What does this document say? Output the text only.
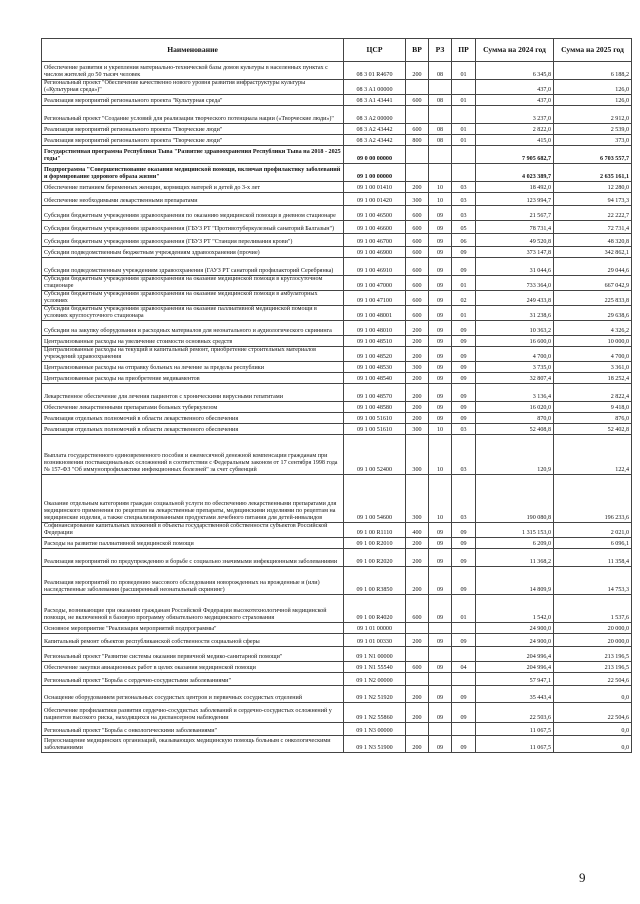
Наименование	ЦСР	ВР	РЗ	ПР	Сумма на 2024 год	Сумма на 2025 год
Обеспечение развития и укрепления материально-технической базы домов культуры в населенных пунктах с числом жителей до 50 тысяч человек	08 3 01 R4670	200	08	01	6 345,8	6 188,2
Региональный проект "Обеспечение качественно нового уровня развития инфраструктуры культуры («Культурная среда»)"	08 3 A1 00000				437,0	126,0
Реализация мероприятий регионального проекта "Культурная среда"	08 3 A1 43441	600	08	01	437,0	126,0
Региональный проект "Создание условий для реализации творческого потенциала нации («Творческие люди»)"	08 3 A2 00000				3 237,0	2 912,0
Реализация мероприятий регионального проекта "Творческие люди"	08 3 A2 43442	600	08	01	2 822,0	2 539,0
Реализация мероприятий регионального проекта "Творческие люди"	08 3 A2 43442	800	08	01	415,0	373,0
Государственная программа Республики Тыва "Развитие здравоохранения Республики Тыва на 2018 - 2025 годы"	09 0 00 00000				7 905 682,7	6 703 557,7
Подпрограмма "Совершенствование оказания медицинской помощи, включая профилактику заболеваний и формирование здорового образа жизни"	09 1 00 00000				4 023 389,7	2 635 161,1
Обеспечение питанием беременных женщин, кормящих матерей и детей до 3-х лет	09 1 00 01410	200	10	03	18 492,0	12 280,0
Обеспечение необходимыми лекарственными препаратами	09 1 00 01420	300	10	03	123 994,7	94 173,3
Субсидии бюджетным учреждениям здравоохранения по оказанию медицинской помощи в дневном стационаре	09 1 00 46500	600	09	03	21 567,7	22 222,7
Субсидии бюджетным учреждениям здравоохранения (ГБУЗ РТ "Противотуберкулезный санаторий Балгазын")	09 1 00 46600	600	09	05	78 731,4	72 731,4
Субсидии бюджетным учреждениям здравоохранения (ГБУЗ РТ "Станция переливания крови")	09 1 00 46700	600	09	06	49 520,8	48 320,8
Субсидии подведомственным бюджетным учреждениям здравоохранения (прочие)	09 1 00 46900	600	09	09	373 147,8	342 862,1
Субсидии подведомственным учреждениям здравоохранения (ГАУЗ РТ санаторий профилакторий Серебрянка)	09 1 00 46910	600	09	09	31 044,6	29 044,6
Субсидии бюджетным учреждениям здравоохранения на оказание медицинской помощи в круглосуточном стационаре	09 1 00 47000	600	09	01	733 364,0	667 042,9
Субсидии бюджетным учреждениям здравоохранения на оказание медицинской помощи в амбулаторных условиях	09 1 00 47100	600	09	02	249 433,8	225 833,8
Субсидии бюджетным учреждениям здравоохранения на оказание паллиативной медицинской помощи в условиях круглосуточного стационара	09 1 00 48001	600	09	01	31 238,6	29 638,6
Субсидии на закупку оборудования и расходных материалов для неонатального и аудиологического скрининга	09 1 00 48010	200	09	09	10 363,2	4 326,2
Централизованные расходы на увеличение стоимости основных средств	09 1 00 48510	200	09	09	16 600,0	10 000,0
Централизованные расходы на текущий и капитальный ремонт, приобретение строительных материалов учреждений здравоохранения	09 1 00 48520	200	09	09	4 700,0	4 700,0
Централизованные расходы на отправку больных на лечение за пределы республики	09 1 00 48530	300	09	09	3 735,0	3 361,0
Централизованные расходы на приобретение медикаментов	09 1 00 48540	200	09	09	32 807,4	18 252,4
Лекарственное обеспечение для лечения пациентов с хроническими вирусными гепатитами	09 1 00 48570	200	09	09	3 136,4	2 822,4
Обеспечение лекарственными препаратами больных туберкулезом	09 1 00 48580	200	09	09	16 020,0	9 418,0
Реализация отдельных полномочий в области лекарственного обеспечения	09 1 00 51610	200	09	09	870,0	876,0
Реализация отдельных полномочий в области лекарственного обеспечения	09 1 00 51610	300	10	03	52 408,8	52 402,8
Выплата государственного единовременного пособия и ежемесячной денежной компенсации гражданам при возникновении поствакцинальных осложнений в соответствии с Федеральным законом от 17 сентября 1998 года № 157-ФЗ "Об иммунопрофилактике инфекционных болезней" за счет субвенций	09 1 00 52400	300	10	03	120,9	122,4
Оказание отдельным категориям граждан социальной услуги по обеспечению лекарственными препаратами для медицинского применения по рецептам на лекарственные препараты, медицинскими изделиями по рецептам на медицинские изделия, а также специализированными продуктами лечебного питания для детей-инвалидов	09 1 00 54600	300	10	03	190 080,8	196 233,6
Софинансирование капитальных вложений в объекты государственной собственности субъектов Российской Федерации	09 1 00 R1110	400	09	09	1 315 153,0	2 021,0
Расходы на развитие паллиативной медицинской помощи	09 1 00 R2010	200	09	09	6 209,0	6 096,1
Реализация мероприятий по предупреждению и борьбе с социально значимыми инфекционными заболеваниями	09 1 00 R2020	200	09	09	11 368,2	11 358,4
Реализация мероприятий по проведению массового обследования новорожденных на врожденные и (или) наследственные заболевания (расширенный неонатальный скрининг)	09 1 00 R3850	200	09	09	14 809,9	14 753,3
Расходы, возникающие при оказании гражданам Российской Федерации высокотехнологичной медицинской помощи, не включенной в базовую программу обязательного медицинского страхования	09 1 00 R4020	600	09	01	1 542,0	1 537,6
Основное мероприятие "Реализация мероприятий подпрограммы"	09 1 01 00000				24 900,0	20 000,0
Капитальный ремонт объектов республиканской собственности социальной сферы	09 1 01 00330	200	09	09	24 900,0	20 000,0
Региональный проект "Развитие системы оказания первичной медико-санитарной помощи"	09 1 N1 00000				204 996,4	213 196,5
Обеспечение закупки авиационных работ в целях оказания медицинской помощи	09 1 N1 55540	600	09	04	204 996,4	213 196,5
Региональный проект "Борьба с сердечно-сосудистыми заболеваниями"	09 1 N2 00000				57 947,1	22 504,6
Оснащение оборудованием региональных сосудистых центров и первичных сосудистых отделений	09 1 N2 51920	200	09	09	35 443,4	0,0
Обеспечение профилактики развития сердечно-сосудистых заболеваний и сердечно-сосудистых осложнений у пациентов высокого риска, находящихся на диспансерном наблюдении	09 1 N2 55860	200	09	09	22 503,6	22 504,6
Региональный проект "Борьба с онкологическими заболеваниями"	09 1 N3 00000				11 067,5	0,0
Переоснащение медицинских организаций, оказывающих медицинскую помощь больным с онкологическими заболеваниями	09 1 N3 51900	200	09	09	11 067,5	0,0
9
